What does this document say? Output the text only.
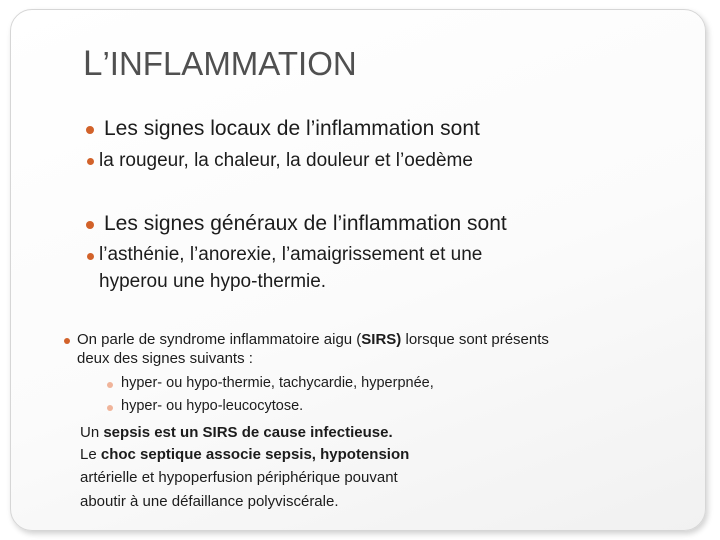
L’INFLAMMATION
Les signes locaux de l’inflammation sont
la rougeur, la chaleur, la douleur et l’oedème
Les signes généraux de l’inflammation sont
l’asthénie, l’anorexie, l’amaigrissement et une
hyperou une hypo-thermie.
On parle de syndrome inflammatoire aigu (SIRS) lorsque sont présents
deux des signes suivants :
hyper- ou hypo-thermie, tachycardie, hyperpnée,
hyper- ou hypo-leucocytose.
Un sepsis est un SIRS de cause infectieuse.
Le choc septique associe sepsis, hypotension
artérielle et hypoperfusion périphérique pouvant
aboutir à une défaillance polyviscérale.
